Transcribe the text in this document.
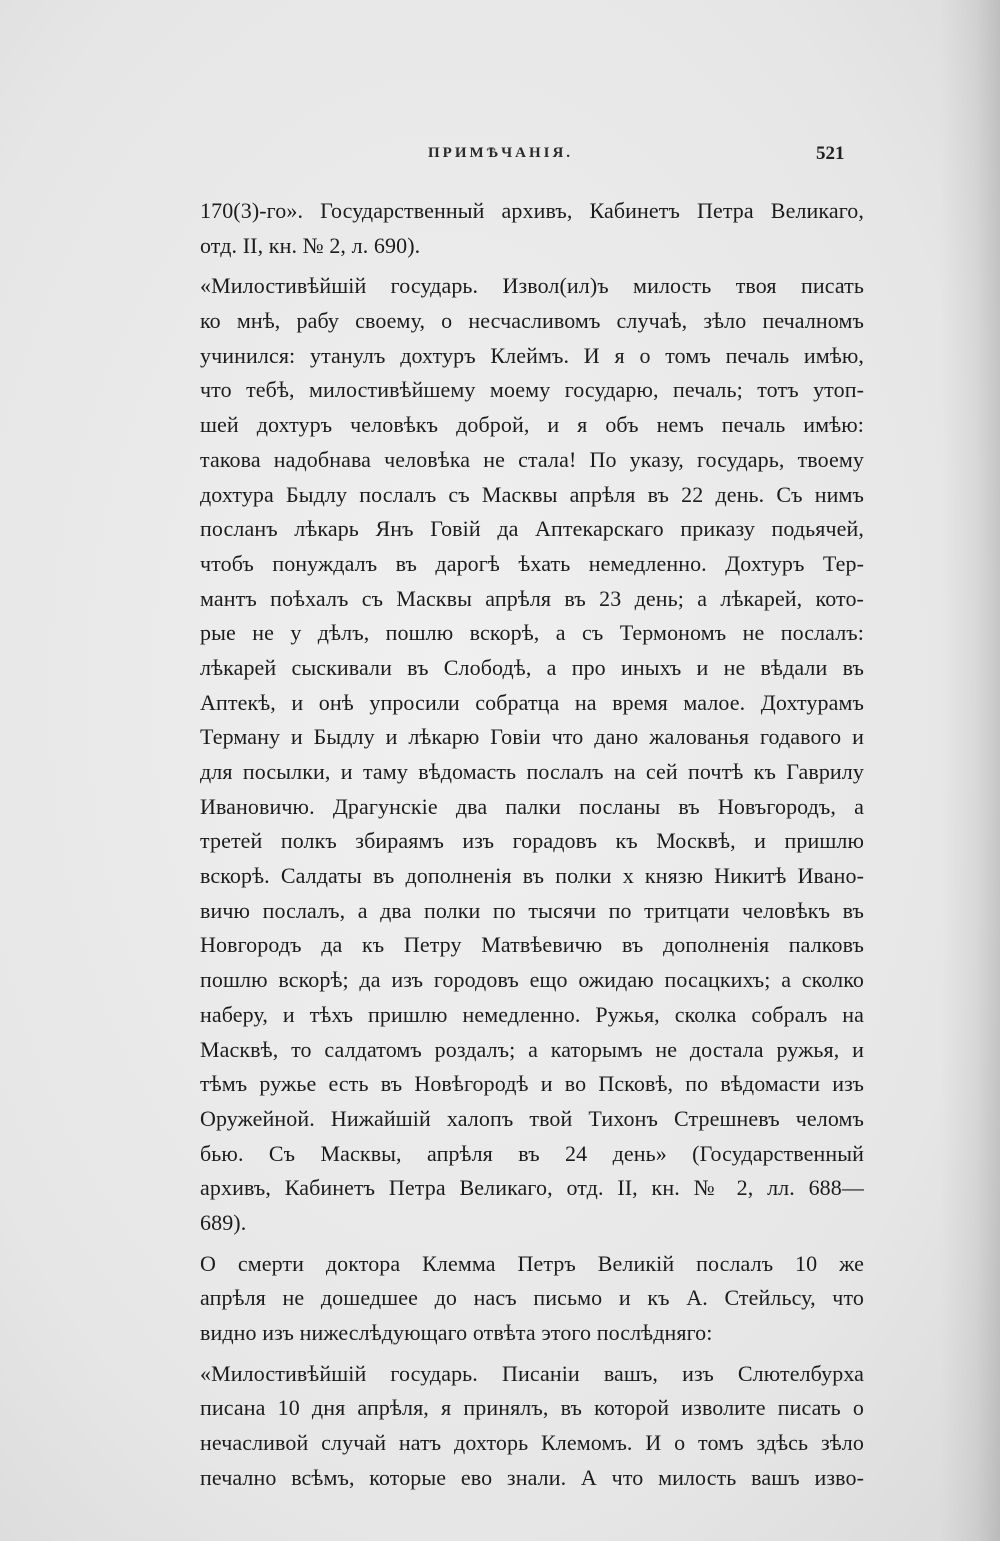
ПРИМѢЧАНІЯ.	521
170(3)-го». Государственный архивъ, Кабинетъ Петра Великаго,
отд. II, кн. № 2, л. 690).
«Милостивѣйшій государь. Извол(ил)ъ милость твоя писать
ко мнѣ, рабу своему, о несчасливомъ случаѣ, зѣло печалномъ
учинился: утанулъ дохтуръ Клеймъ. И я о томъ печаль имѣю,
что тебѣ, милостивѣйшему моему государю, печаль; тотъ утоп-
шей дохтуръ человѣкъ доброй, и я объ немъ печаль имѣю:
такова надобнава человѣка не стала! По указу, государь, твоему
дохтура Быдлу послалъ съ Масквы апрѣля въ 22 день. Съ нимъ
посланъ лѣкарь Янъ Говій да Аптекарскаго приказу подьячей,
чтобъ понуждалъ въ дарогѣ ѣхать немедленно. Дохтуръ Тер-
мантъ поѣхалъ съ Масквы апрѣля въ 23 день; а лѣкарей, кото-
рые не у дѣлъ, пошлю вскорѣ, а съ Термономъ не послалъ:
лѣкарей сыскивали въ Слободѣ, а про иныхъ и не вѣдали въ
Аптекѣ, и онѣ упросили собратца на время малое. Дохтурамъ
Терману и Быдлу и лѣкарю Говіи что дано жалованья годавого и
для посылки, и таму вѣдомасть послалъ на сей почтѣ къ Гаврилу
Ивановичю. Драгунскіе два палки посланы въ Новъгородъ, а
третей полкъ збираямъ изъ горадовъ къ Москвѣ, и пришлю
вскорѣ. Салдаты въ дополненія въ полки х князю Никитѣ Ивано-
вичю послалъ, а два полки по тысячи по тритцати человѣкъ въ
Новгородъ да къ Петру Матвѣевичю въ дополненія палковъ
пошлю вскорѣ; да изъ городовъ ещо ожидаю посацкихъ; а сколко
наберу, и тѣхъ пришлю немедленно. Ружья, сколка собралъ на
Масквѣ, то салдатомъ роздалъ; а каторымъ не достала ружья, и
тѣмъ ружье есть въ Новѣгородѣ и во Псковѣ, по вѣдомасти изъ
Оружейной. Нижайшій халопъ твой Тихонъ Стрешневъ челомъ
бью. Съ Масквы, апрѣля въ 24 день» (Государственный
архивъ, Кабинетъ Петра Великаго, отд. II, кн. № 2, лл. 688—
689).
О смерти доктора Клемма Петръ Великій послалъ 10 же
апрѣля не дошедшее до насъ письмо и къ А. Стейльсу, что
видно изъ нижеслѣдующаго отвѣта этого послѣдняго:
«Милостивѣйшій государь. Писаніи вашъ, изъ Слютелбурха
писана 10 дня апрѣля, я принялъ, въ которой изволите писать о
нечасливой случай натъ дохторь Клемомъ. И о томъ здѣсь зѣло
печално всѣмъ, которые ево знали. А что милость вашъ изво-
